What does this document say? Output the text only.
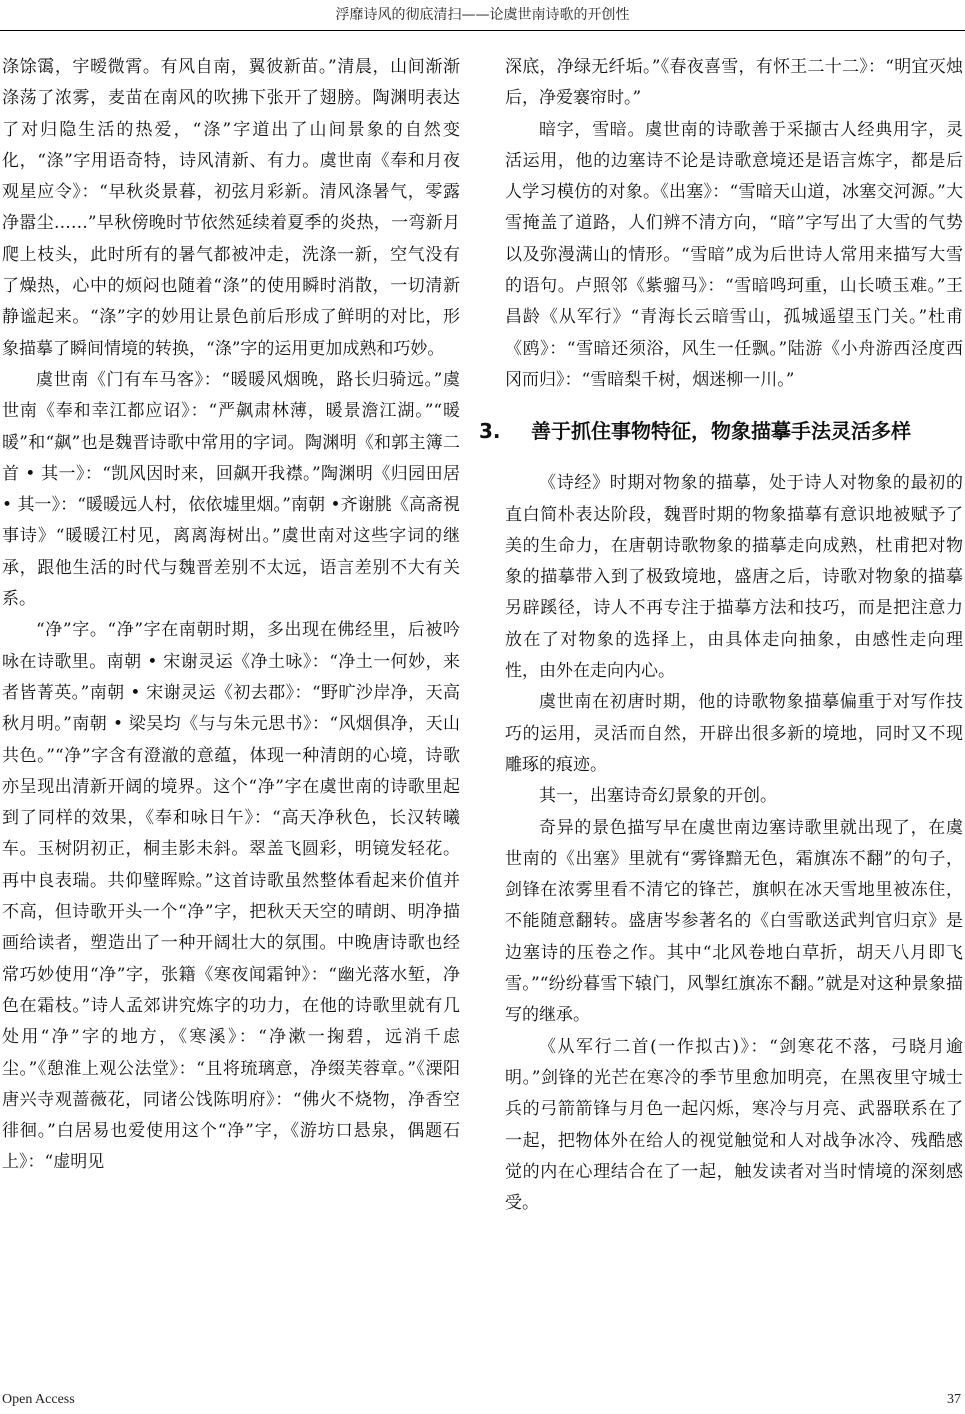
浮靡诗风的彻底清扫——论虞世南诗歌的开创性

涤馀霭，宇暧微霄。有风自南，翼彼新苗。”清晨，山间渐渐涤荡了浓雾，麦苗在南风的吹拂下张开了翅膀。陶渊明表达了对归隐生活的热爱，“涤”字道出了山间景象的自然变化，“涤”字用语奇特，诗风清新、有力。虞世南《奉和月夜观星应令》：“早秋炎景暮，初弦月彩新。清风涤暑气，零露净嚣尘……”早秋傍晚时节依然延续着夏季的炎热，一弯新月爬上枝头，此时所有的暑气都被冲走，洗涤一新，空气没有了燥热，心中的烦闷也随着“涤”的使用瞬时消散，一切清新静谧起来。“涤”字的妙用让景色前后形成了鲜明的对比，形象描摹了瞬间情境的转换，“涤”字的运用更加成熟和巧妙。

虞世南《门有车马客》：“暖暖风烟晚，路长归骑远。”虞世南《奉和幸江都应诏》：“严飙肃林薄，暖景澹江湖。”“暖暖”和“飙”也是魏晋诗歌中常用的字词。陶渊明《和郭主簿二首 • 其一》：“凯风因时来，回飙开我襟。”陶渊明《归园田居 • 其一》：“暖暖远人村，依依墟里烟。”南朝 •齐谢朓《高斋視事诗》“暖暖江村见，离离海树出。”虞世南对这些字词的继承，跟他生活的时代与魏晋差别不太远，语言差别不大有关系。

“净”字。“净”字在南朝时期，多出现在佛经里，后被吟咏在诗歌里。南朝 • 宋谢灵运《净土咏》：“净土一何妙，来者皆菁英。”南朝 • 宋谢灵运《初去郡》：“野旷沙岸净，天高秋月明。”南朝 • 梁吴均《与与朱元思书》：“风烟俱净，天山共色。”“净”字含有澄澈的意蕴，体现一种清朗的心境，诗歌亦呈现出清新开阔的境界。这个“净”字在虞世南的诗歌里起到了同样的效果，《奉和咏日午》：“高天净秋色，长汉转曦车。玉树阴初正，桐圭影未斜。翠盖飞圆彩，明镜发轻花。再中良表瑞。共仰璧晖赊。”这首诗歌虽然整体看起来价值并不高，但诗歌开头一个“净”字，把秋天天空的晴朗、明净描画给读者，塑造出了一种开阔壮大的氛围。中晚唐诗歌也经常巧妙使用“净”字，张籍《寒夜闻霜钟》：“幽光落水堑，净色在霜枝。”诗人孟郊讲究炼字的功力，在他的诗歌里就有几处用“净”字的地方，《寒溪》：“净漱一掬碧，远消千虑尘。”《憩淮上观公法堂》：“且将琉璃意，净缀芙蓉章。”《溧阳唐兴寺观蔷薇花，同诸公饯陈明府》：“佛火不烧物，净香空徘徊。”白居易也爱使用这个“净”字，《游坊口悬泉，偶题石上》：“虚明见

深底，净绿无纤垢。”《春夜喜雪，有怀王二十二》：“明宜灭烛后，净爱褰帘时。”

暗字，雪暗。虞世南的诗歌善于采撷古人经典用字，灵活运用，他的边塞诗不论是诗歌意境还是语言炼字，都是后人学习模仿的对象。《出塞》：“雪暗天山道，冰塞交河源。”大雪掩盖了道路，人们辨不清方向，“暗”字写出了大雪的气势以及弥漫满山的情形。“雪暗”成为后世诗人常用来描写大雪的语句。卢照邻《紫骝马》：“雪暗鸣珂重，山长喷玉难。”王昌龄《从军行》“青海长云暗雪山，孤城遥望玉门关。”杜甫《鸥》：“雪暗还须浴，风生一任飘。”陆游《小舟游西泾度西冈而归》：“雪暗梨千树，烟迷柳一川。”

3. 善于抓住事物特征，物象描摹手法灵活多样

《诗经》时期对物象的描摹，处于诗人对物象的最初的直白简朴表达阶段，魏晋时期的物象描摹有意识地被赋予了美的生命力，在唐朝诗歌物象的描摹走向成熟，杜甫把对物象的描摹带入到了极致境地，盛唐之后，诗歌对物象的描摹另辟蹊径，诗人不再专注于描摹方法和技巧，而是把注意力放在了对物象的选择上，由具体走向抽象，由感性走向理性，由外在走向内心。

虞世南在初唐时期，他的诗歌物象描摹偏重于对写作技巧的运用，灵活而自然，开辟出很多新的境地，同时又不现雕琢的痕迹。

其一，出塞诗奇幻景象的开创。

奇异的景色描写早在虞世南边塞诗歌里就出现了，在虞世南的《出塞》里就有“雾锋黯无色，霜旗冻不翻”的句子，剑锋在浓雾里看不清它的锋芒，旗帜在冰天雪地里被冻住，不能随意翻转。盛唐岑参著名的《白雪歌送武判官归京》是边塞诗的压卷之作。其中“北风卷地白草折，胡天八月即飞雪。”“纷纷暮雪下辕门，风掣红旗冻不翻。”就是对这种景象描写的继承。

《从军行二首(一作拟古)》：“剑寒花不落，弓晓月逾明。”剑锋的光芒在寒冷的季节里愈加明亮，在黑夜里守城士兵的弓箭箭锋与月色一起闪烁，寒冷与月亮、武器联系在了一起，把物体外在给人的视觉触觉和人对战争冰冷、残酷感觉的内在心理结合在了一起，触发读者对当时情境的深刻感受。

Open Access	37
